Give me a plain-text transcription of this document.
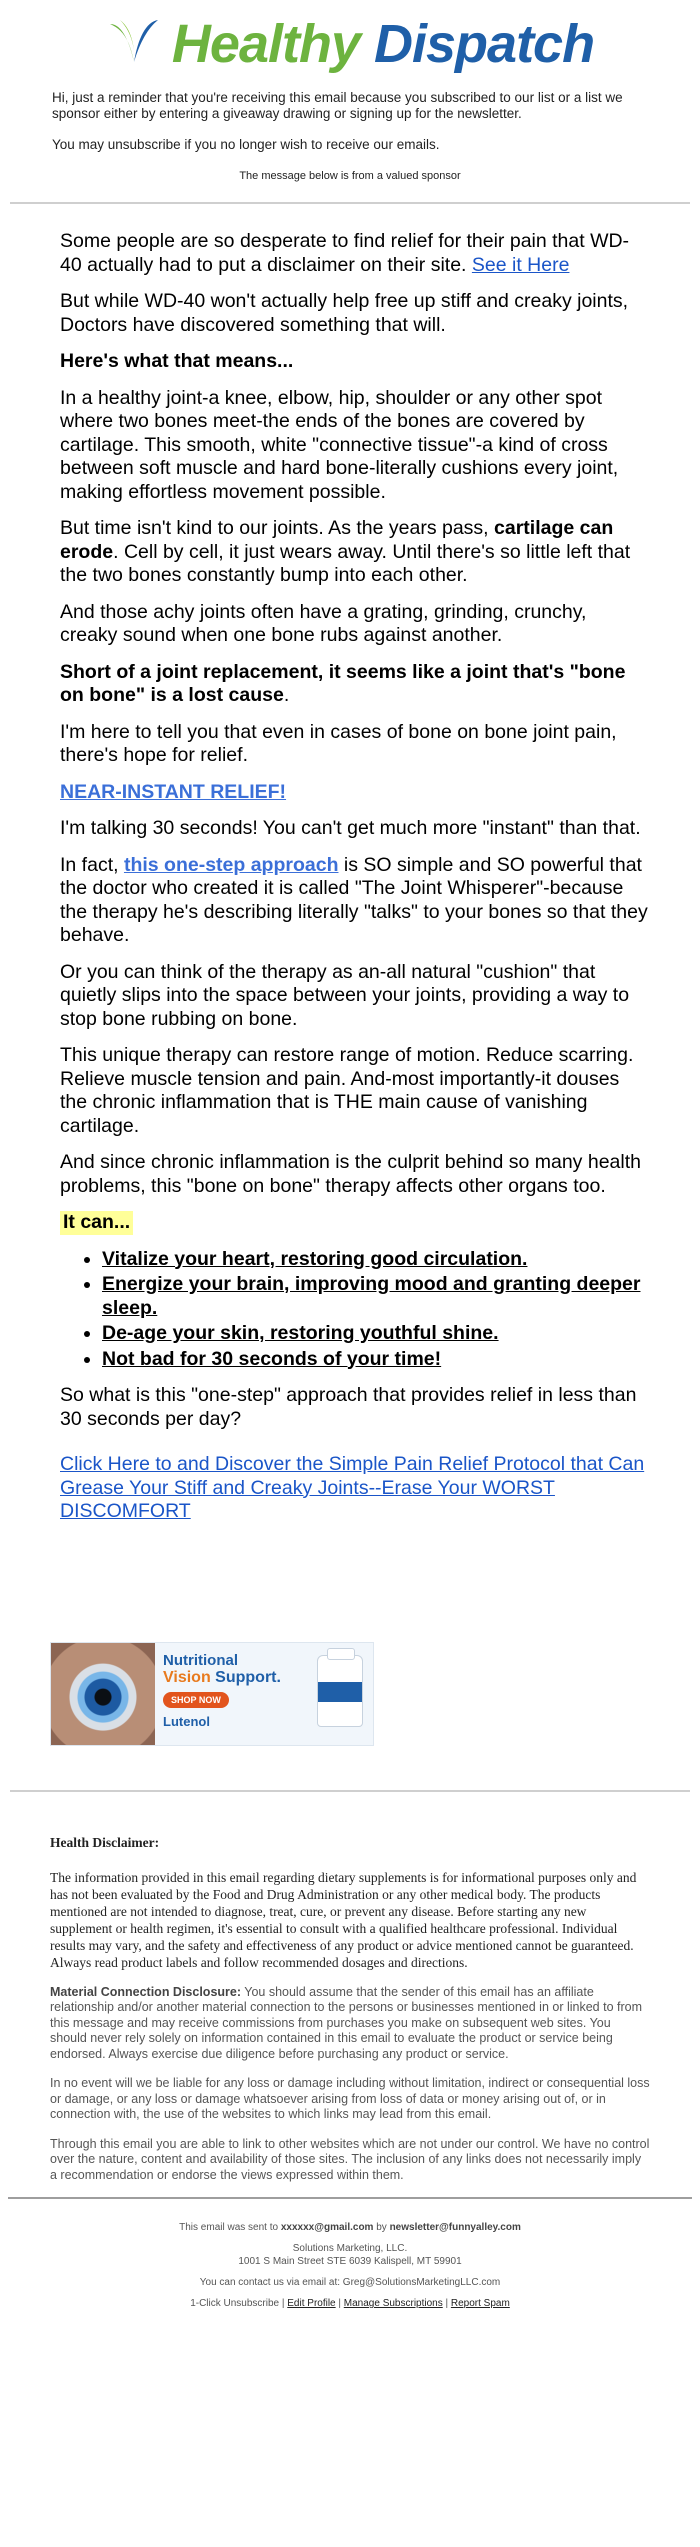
Healthy Dispatch

Hi, just a reminder that you're receiving this email because you subscribed to our list or a list we sponsor either by entering a giveaway drawing or signing up for the newsletter.

You may unsubscribe if you no longer wish to receive our emails.

The message below is from a valued sponsor

Some people are so desperate to find relief for their pain that WD-40 actually had to put a disclaimer on their site. See it Here

But while WD-40 won't actually help free up stiff and creaky joints, Doctors have discovered something that will.

Here's what that means...

In a healthy joint-a knee, elbow, hip, shoulder or any other spot where two bones meet-the ends of the bones are covered by cartilage. This smooth, white "connective tissue"-a kind of cross between soft muscle and hard bone-literally cushions every joint, making effortless movement possible.

But time isn't kind to our joints. As the years pass, cartilage can erode. Cell by cell, it just wears away. Until there's so little left that the two bones constantly bump into each other.

And those achy joints often have a grating, grinding, crunchy, creaky sound when one bone rubs against another.

Short of a joint replacement, it seems like a joint that's "bone on bone" is a lost cause.

I'm here to tell you that even in cases of bone on bone joint pain, there's hope for relief.

NEAR-INSTANT RELIEF!

I'm talking 30 seconds! You can't get much more "instant" than that.

In fact, this one-step approach is SO simple and SO powerful that the doctor who created it is called "The Joint Whisperer"-because the therapy he's describing literally "talks" to your bones so that they behave.

Or you can think of the therapy as an-all natural "cushion" that quietly slips into the space between your joints, providing a way to stop bone rubbing on bone.

This unique therapy can restore range of motion. Reduce scarring. Relieve muscle tension and pain. And-most importantly-it douses the chronic inflammation that is THE main cause of vanishing cartilage.

And since chronic inflammation is the culprit behind so many health problems, this "bone on bone" therapy affects other organs too.

It can...

• Vitalize your heart, restoring good circulation.
• Energize your brain, improving mood and granting deeper sleep.
• De-age your skin, restoring youthful shine.
• Not bad for 30 seconds of your time!

So what is this "one-step" approach that provides relief in less than 30 seconds per day?

Click Here to and Discover the Simple Pain Relief Protocol that Can Grease Your Stiff and Creaky Joints--Erase Your WORST DISCOMFORT
Nutritional
Vision Support.
SHOP NOW
Lutenol
Health Disclaimer:

The information provided in this email regarding dietary supplements is for informational purposes only and has not been evaluated by the Food and Drug Administration or any other medical body. The products mentioned are not intended to diagnose, treat, cure, or prevent any disease. Before starting any new supplement or health regimen, it's essential to consult with a qualified healthcare professional. Individual results may vary, and the safety and effectiveness of any product or advice mentioned cannot be guaranteed. Always read product labels and follow recommended dosages and directions.

Material Connection Disclosure: You should assume that the sender of this email has an affiliate relationship and/or another material connection to the persons or businesses mentioned in or linked to from this message and may receive commissions from purchases you make on subsequent web sites. You should never rely solely on information contained in this email to evaluate the product or service being endorsed. Always exercise due diligence before purchasing any product or service.

In no event will we be liable for any loss or damage including without limitation, indirect or consequential loss or damage, or any loss or damage whatsoever arising from loss of data or money arising out of, or in connection with, the use of the websites to which links may lead from this email.

Through this email you are able to link to other websites which are not under our control. We have no control over the nature, content and availability of those sites. The inclusion of any links does not necessarily imply a recommendation or endorse the views expressed within them.

This email was sent to xxxxxx@gmail.com by newsletter@funnyalley.com

Solutions Marketing, LLC.
1001 S Main Street STE 6039 Kalispell, MT 59901

You can contact us via email at: Greg@SolutionsMarketingLLC.com

1-Click Unsubscribe | Edit Profile | Manage Subscriptions | Report Spam
